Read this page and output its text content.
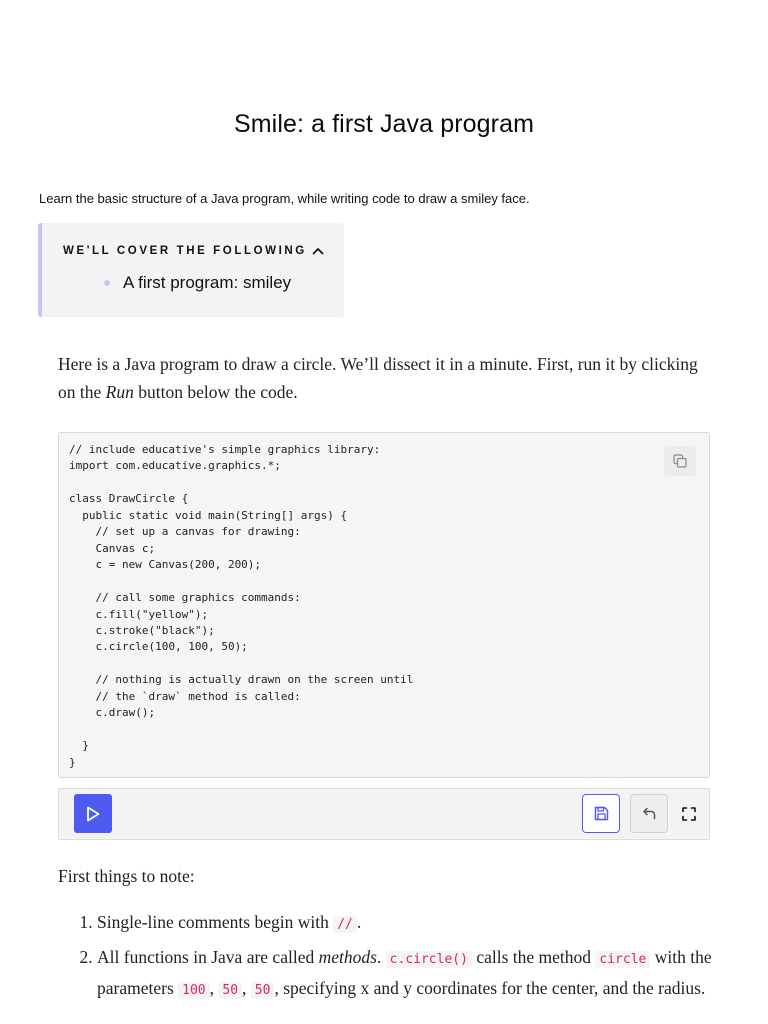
Smile: a first Java program
Learn the basic structure of a Java program, while writing code to draw a smiley face.
WE'LL COVER THE FOLLOWING
A first program: smiley
Here is a Java program to draw a circle. We’ll dissect it in a minute. First, run it by clicking on the Run button below the code.
// include educative's simple graphics library:
import com.educative.graphics.*;

class DrawCircle {
public static void main(String[] args) {
// set up a canvas for drawing:
Canvas c;
c = new Canvas(200, 200);

// call some graphics commands:
c.fill("yellow");
c.stroke("black");
c.circle(100, 100, 50);

// nothing is actually drawn on the screen until
// the `draw` method is called:
c.draw();

}
}
First things to note:
1. Single-line comments begin with // .
2. All functions in Java are called methods. c.circle() calls the method circle with the parameters 100 , 50 , 50 , specifying x and y coordinates for the center, and the radius.
